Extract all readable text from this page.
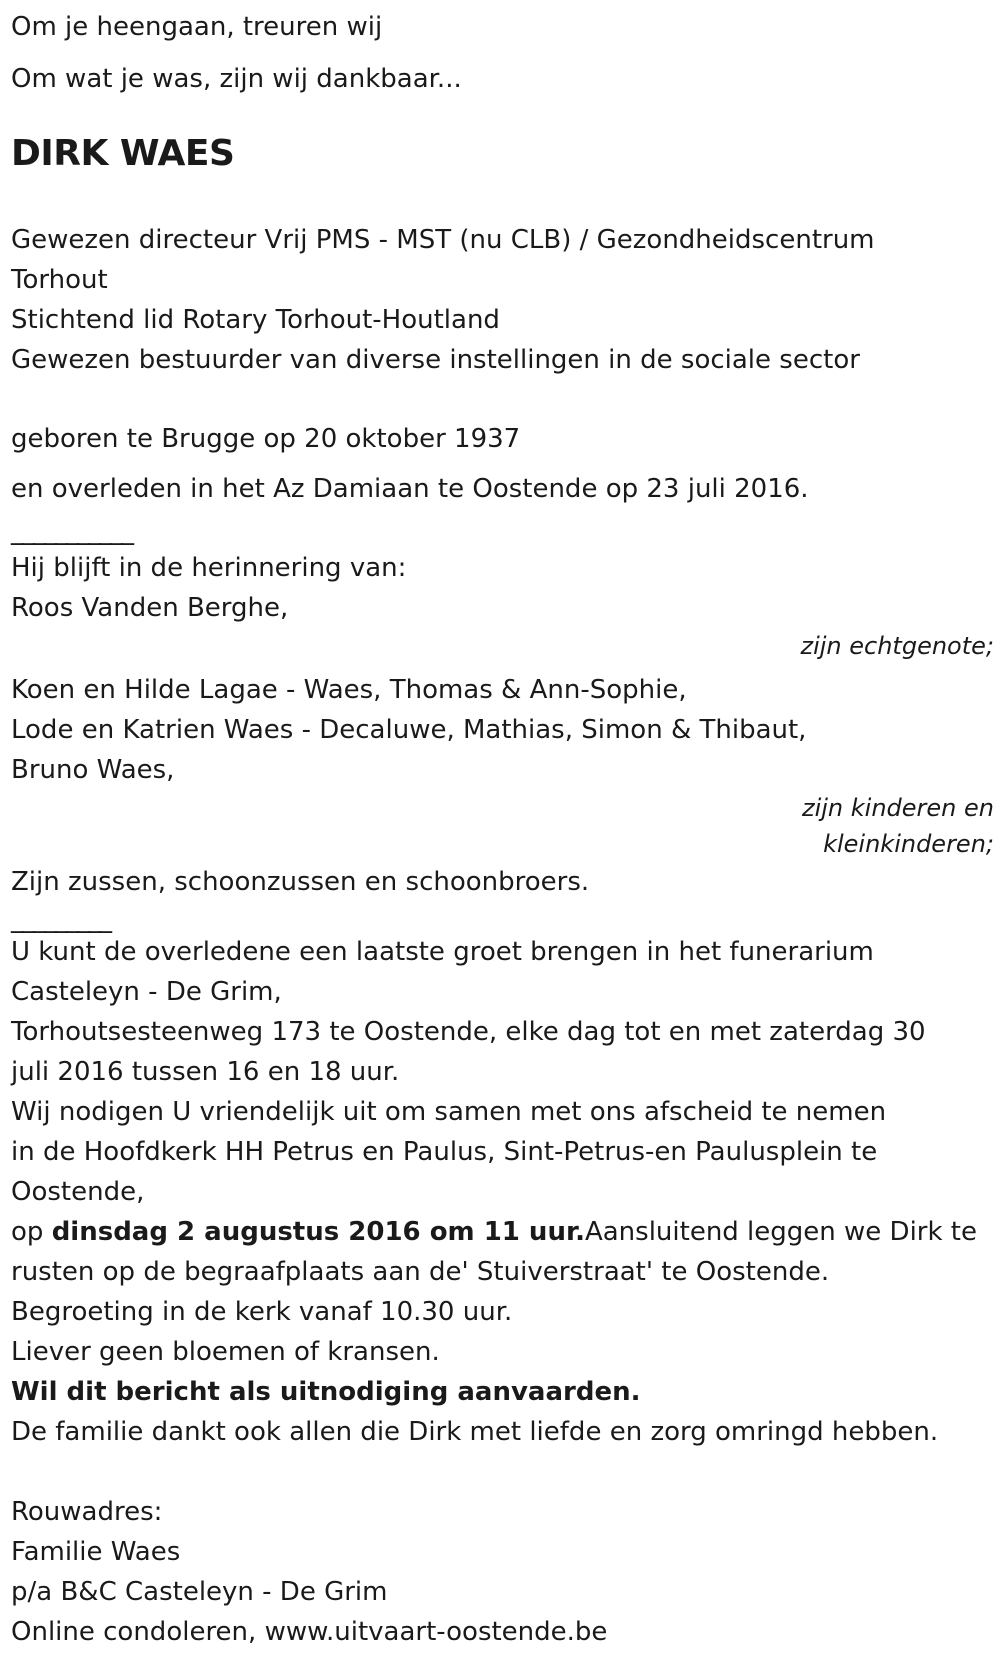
Om je heengaan, treuren wij

Om wat je was, zijn wij dankbaar...

DIRK WAES

Gewezen directeur Vrij PMS - MST (nu CLB) / Gezondheidscentrum

Torhout

Stichtend lid Rotary Torhout-Houtland

Gewezen bestuurder van diverse instellingen in de sociale sector

geboren te Brugge op 20 oktober 1937

en overleden in het Az Damiaan te Oostende op 23 juli 2016.

___________

Hij blijft in de herinnering van:

Roos Vanden Berghe,

zijn echtgenote;

Koen en Hilde Lagae - Waes, Thomas & Ann-Sophie,

Lode en Katrien Waes - Decaluwe, Mathias, Simon & Thibaut,

Bruno Waes,

zijn kinderen en

kleinkinderen;

Zijn zussen, schoonzussen en schoonbroers.

_________

U kunt de overledene een laatste groet brengen in het funerarium

Casteleyn - De Grim,

Torhoutsesteenweg 173 te Oostende, elke dag tot en met zaterdag 30

juli 2016 tussen 16 en 18 uur.

Wij nodigen U vriendelijk uit om samen met ons afscheid te nemen

in de Hoofdkerk HH Petrus en Paulus, Sint-Petrus-en Paulusplein te

Oostende,

op dinsdag 2 augustus 2016 om 11 uur.Aansluitend leggen we Dirk te

rusten op de begraafplaats aan de' Stuiverstraat' te Oostende.

Begroeting in de kerk vanaf 10.30 uur.

Liever geen bloemen of kransen.

Wil dit bericht als uitnodiging aanvaarden.

De familie dankt ook allen die Dirk met liefde en zorg omringd hebben.

Rouwadres:

Familie Waes

p/a B&C Casteleyn - De Grim

Online condoleren, www.uitvaart-oostende.be
